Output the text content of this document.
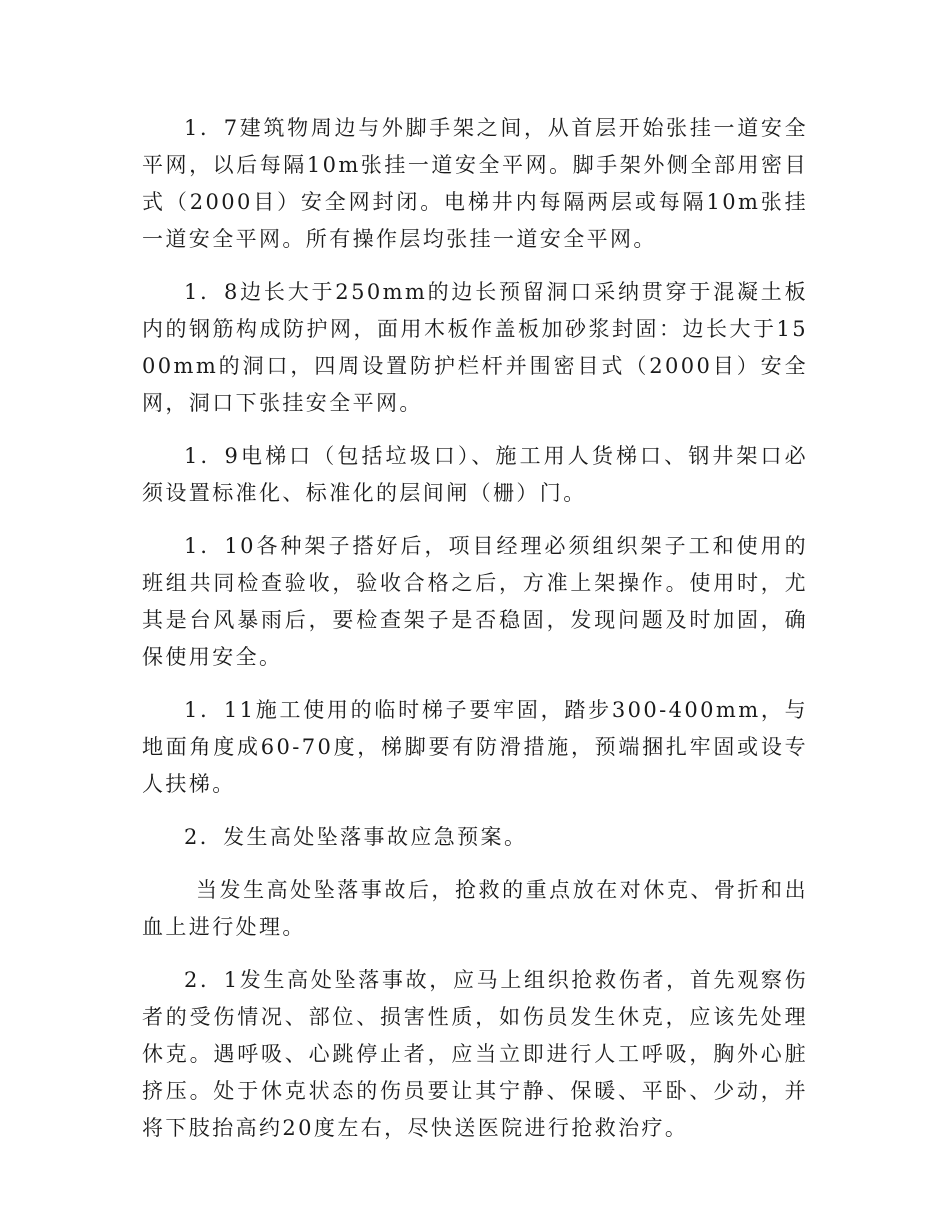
1．7建筑物周边与外脚手架之间，从首层开始张挂一道安全平网，以后每隔10m张挂一道安全平网。脚手架外侧全部用密目式（2000目）安全网封闭。电梯井内每隔两层或每隔10m张挂一道安全平网。所有操作层均张挂一道安全平网。

1．8边长大于250mm的边长预留洞口采纳贯穿于混凝土板内的钢筋构成防护网，面用木板作盖板加砂浆封固：边长大于1500mm的洞口，四周设置防护栏杆并围密目式（2000目）安全网，洞口下张挂安全平网。

1．9电梯口（包括垃圾口）、施工用人货梯口、钢井架口必须设置标准化、标准化的层间闸（栅）门。

1．10各种架子搭好后，项目经理必须组织架子工和使用的班组共同检查验收，验收合格之后，方准上架操作。使用时，尤其是台风暴雨后，要检查架子是否稳固，发现问题及时加固，确保使用安全。

1．11施工使用的临时梯子要牢固，踏步300-400mm，与地面角度成60-70度，梯脚要有防滑措施，预端捆扎牢固或设专人扶梯。

2．发生高处坠落事故应急预案。

当发生高处坠落事故后，抢救的重点放在对休克、骨折和出血上进行处理。

2．1发生高处坠落事故，应马上组织抢救伤者，首先观察伤者的受伤情况、部位、损害性质，如伤员发生休克，应该先处理休克。遇呼吸、心跳停止者，应当立即进行人工呼吸，胸外心脏挤压。处于休克状态的伤员要让其宁静、保暖、平卧、少动，并将下肢抬高约20度左右，尽快送医院进行抢救治疗。
